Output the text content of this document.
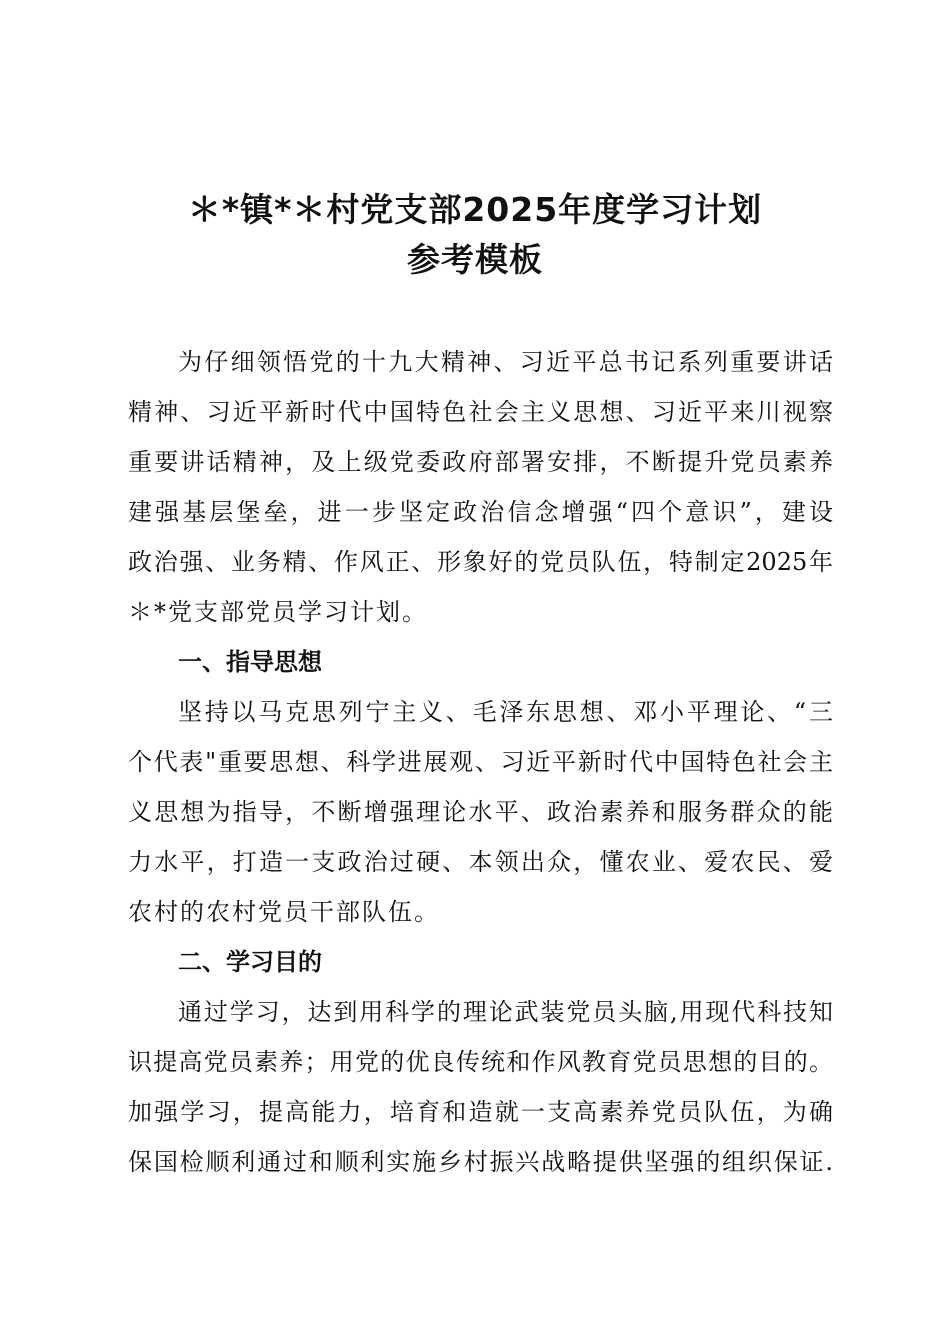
＊*镇*＊村党支部2025年度学习计划
参考模板
为仔细领悟党的十九大精神、习近平总书记系列重要讲话
精神、习近平新时代中国特色社会主义思想、习近平来川视察
重要讲话精神，及上级党委政府部署安排，不断提升党员素养
建强基层堡垒，进一步坚定政治信念增强“四个意识”，建设
政治强、业务精、作风正、形象好的党员队伍，特制定2025年
＊*党支部党员学习计划。
一、指导思想
坚持以马克思列宁主义、毛泽东思想、邓小平理论、“三
个代表"重要思想、科学进展观、习近平新时代中国特色社会主
义思想为指导，不断增强理论水平、政治素养和服务群众的能
力水平，打造一支政治过硬、本领出众，懂农业、爱农民、爱
农村的农村党员干部队伍。
二、学习目的
通过学习，达到用科学的理论武装党员头脑,用现代科技知
识提高党员素养；用党的优良传统和作风教育党员思想的目的。
加强学习，提高能力，培育和造就一支高素养党员队伍，为确
保国检顺利通过和顺利实施乡村振兴战略提供坚强的组织保证.
